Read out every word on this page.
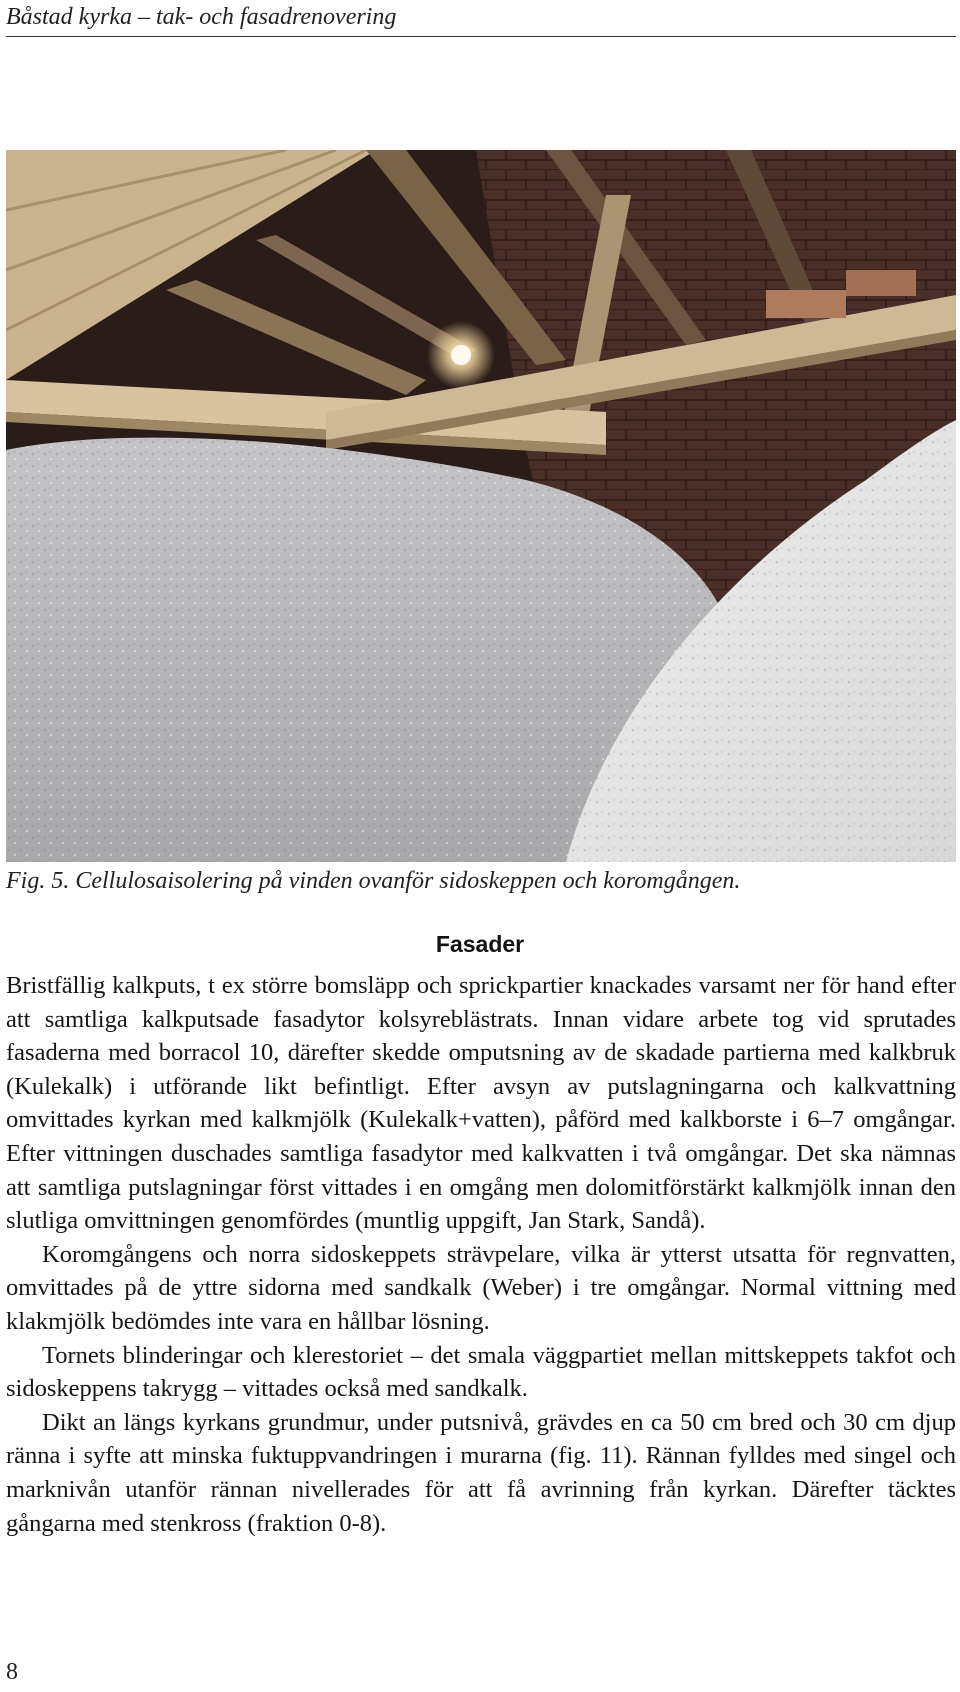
Båstad kyrka – tak- och fasadrenovering
Fig. 5. Cellulosaisolering på vinden ovanför sidoskeppen och koromgången.
Fasader

Bristfällig kalkputs, t ex större bomsläpp och sprickpartier knackades varsamt ner för hand efter att samtliga kalkputsade fasadytor kolsyreblästrats. Innan vidare arbete tog vid sprutades fasaderna med borracol 10, därefter skedde omputsning av de skadade partierna med kalkbruk (Kulekalk) i utförande likt befintligt. Efter avsyn av putslagningarna och kalkvattning omvittades kyrkan med kalkmjölk (Kulekalk+vatten), påförd med kalkborste i 6–7 omgångar. Efter vittningen duschades samtliga fasadytor med kalkvatten i två omgångar. Det ska nämnas att samtliga putslagningar först vittades i en omgång men dolomitförstärkt kalkmjölk innan den slutliga omvittningen genomfördes (muntlig uppgift, Jan Stark, Sandå).

Koromgångens och norra sidoskeppets strävpelare, vilka är ytterst utsatta för regnvatten, omvittades på de yttre sidorna med sandkalk (Weber) i tre omgångar. Normal vittning med klakmjölk bedömdes inte vara en hållbar lösning.

Tornets blinderingar och klerestoriet – det smala väggpartiet mellan mittskeppets takfot och sidoskeppens takrygg – vittades också med sandkalk.

Dikt an längs kyrkans grundmur, under putsnivå, grävdes en ca 50 cm bred och 30 cm djup ränna i syfte att minska fuktuppvandringen i murarna (fig. 11). Rännan fylldes med singel och marknivån utanför rännan nivellerades för att få avrinning från kyrkan. Därefter täcktes gångarna med stenkross (fraktion 0-8).

8
